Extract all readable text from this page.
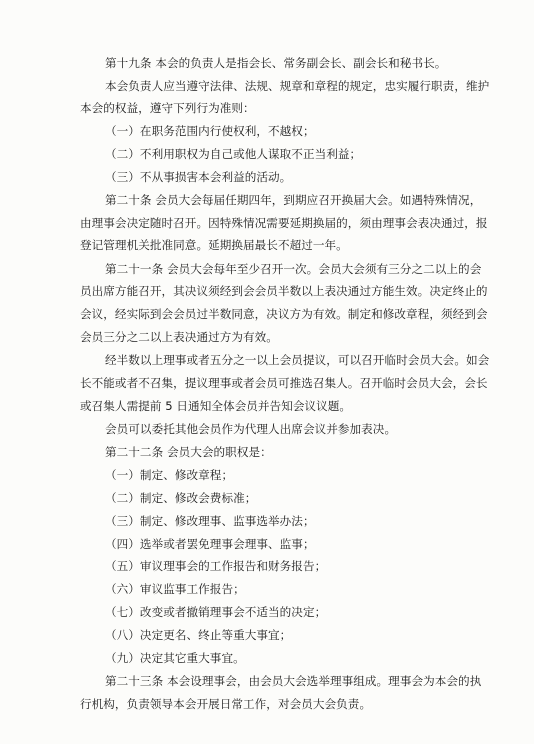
第十九条 本会的负责人是指会长、常务副会长、副会长和秘书长。
本会负责人应当遵守法律、法规、规章和章程的规定，忠实履行职责，维护
本会的权益，遵守下列行为准则：
（一）在职务范围内行使权利，不越权；
（二）不利用职权为自己或他人谋取不正当利益；
（三）不从事损害本会利益的活动。
第二十条 会员大会每届任期四年，到期应召开换届大会。如遇特殊情况，
由理事会决定随时召开。因特殊情况需要延期换届的，须由理事会表决通过，报
登记管理机关批准同意。延期换届最长不超过一年。
第二十一条 会员大会每年至少召开一次。会员大会须有三分之二以上的会
员出席方能召开，其决议须经到会会员半数以上表决通过方能生效。决定终止的
会议，经实际到会会员过半数同意，决议方为有效。制定和修改章程，须经到会
会员三分之二以上表决通过方为有效。
经半数以上理事或者五分之一以上会员提议，可以召开临时会员大会。如会
长不能或者不召集，提议理事或者会员可推选召集人。召开临时会员大会，会长
或召集人需提前 5 日通知全体会员并告知会议议题。
会员可以委托其他会员作为代理人出席会议并参加表决。
第二十二条 会员大会的职权是：
（一）制定、修改章程；
（二）制定、修改会费标准；
（三）制定、修改理事、监事选举办法；
（四）选举或者罢免理事会理事、监事；
（五）审议理事会的工作报告和财务报告；
（六）审议监事工作报告；
（七）改变或者撤销理事会不适当的决定；
（八）决定更名、终止等重大事宜；
（九）决定其它重大事宜。
第二十三条 本会设理事会，由会员大会选举理事组成。理事会为本会的执
行机构，负责领导本会开展日常工作，对会员大会负责。
